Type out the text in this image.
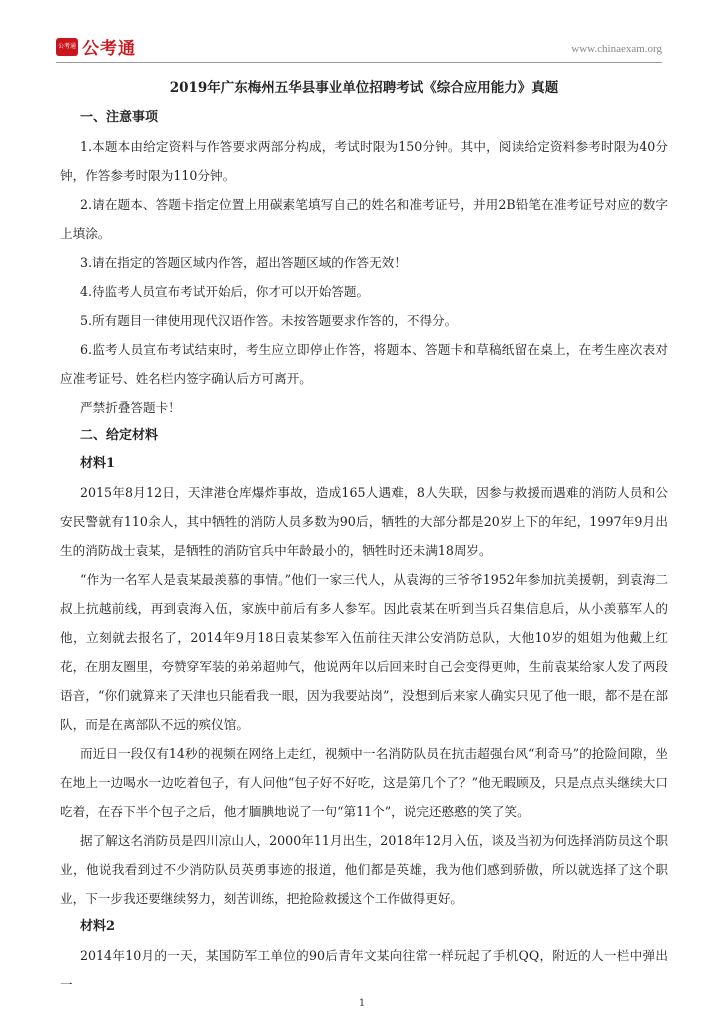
公考通 公考通	www.chinaexam.org
2019年广东梅州五华县事业单位招聘考试《综合应用能力》真题
一、注意事项

1.本题本由给定资料与作答要求两部分构成，考试时限为150分钟。其中，阅读给定资料参考时限为40分钟，作答参考时限为110分钟。

2.请在题本、答题卡指定位置上用碳素笔填写自己的姓名和准考证号，并用2B铅笔在准考证号对应的数字上填涂。

3.请在指定的答题区域内作答，超出答题区域的作答无效！

4.待监考人员宣布考试开始后，你才可以开始答题。

5.所有题目一律使用现代汉语作答。未按答题要求作答的，不得分。

6.监考人员宣布考试结束时，考生应立即停止作答，将题本、答题卡和草稿纸留在桌上，在考生座次表对应准考证号、姓名栏内签字确认后方可离开。

严禁折叠答题卡！

二、给定材料
材料1

2015年8月12日，天津港仓库爆炸事故，造成165人遇难，8人失联，因参与救援而遇难的消防人员和公安民警就有110余人，其中牺牲的消防人员多数为90后，牺牲的大部分都是20岁上下的年纪，1997年9月出生的消防战士袁某，是牺牲的消防官兵中年龄最小的，牺牲时还未满18周岁。

“作为一名军人是袁某最羡慕的事情。”他们一家三代人，从袁海的三爷爷1952年参加抗美援朝，到袁海二叔上抗越前线，再到袁海入伍，家族中前后有多人参军。因此袁某在听到当兵召集信息后，从小羡慕军人的他，立刻就去报名了，2014年9月18日袁某参军入伍前往天津公安消防总队，大他10岁的姐姐为他戴上红花，在朋友圈里，夸赞穿军装的弟弟超帅气，他说两年以后回来时自己会变得更帅，生前袁某给家人发了两段语音，“你们就算来了天津也只能看我一眼，因为我要站岗”，没想到后来家人确实只见了他一眼，都不是在部队，而是在离部队不远的殡仪馆。

而近日一段仅有14秒的视频在网络上走红，视频中一名消防队员在抗击超强台风“利奇马”的抢险间隙，坐在地上一边喝水一边吃着包子，有人问他“包子好不好吃，这是第几个了？”他无暇顾及，只是点点头继续大口吃着，在吞下半个包子之后，他才腼腆地说了一句“第11个”，说完还憨憨的笑了笑。

据了解这名消防员是四川凉山人，2000年11月出生，2018年12月入伍，谈及当初为何选择消防员这个职业，他说我看到过不少消防队员英勇事迹的报道，他们都是英雄，我为他们感到骄傲，所以就选择了这个职业，下一步我还要继续努力，刻苦训练，把抢险救援这个工作做得更好。

材料2

2014年10月的一天，某国防军工单位的90后青年文某向往常一样玩起了手机QQ，附近的人一栏中弹出一

1
